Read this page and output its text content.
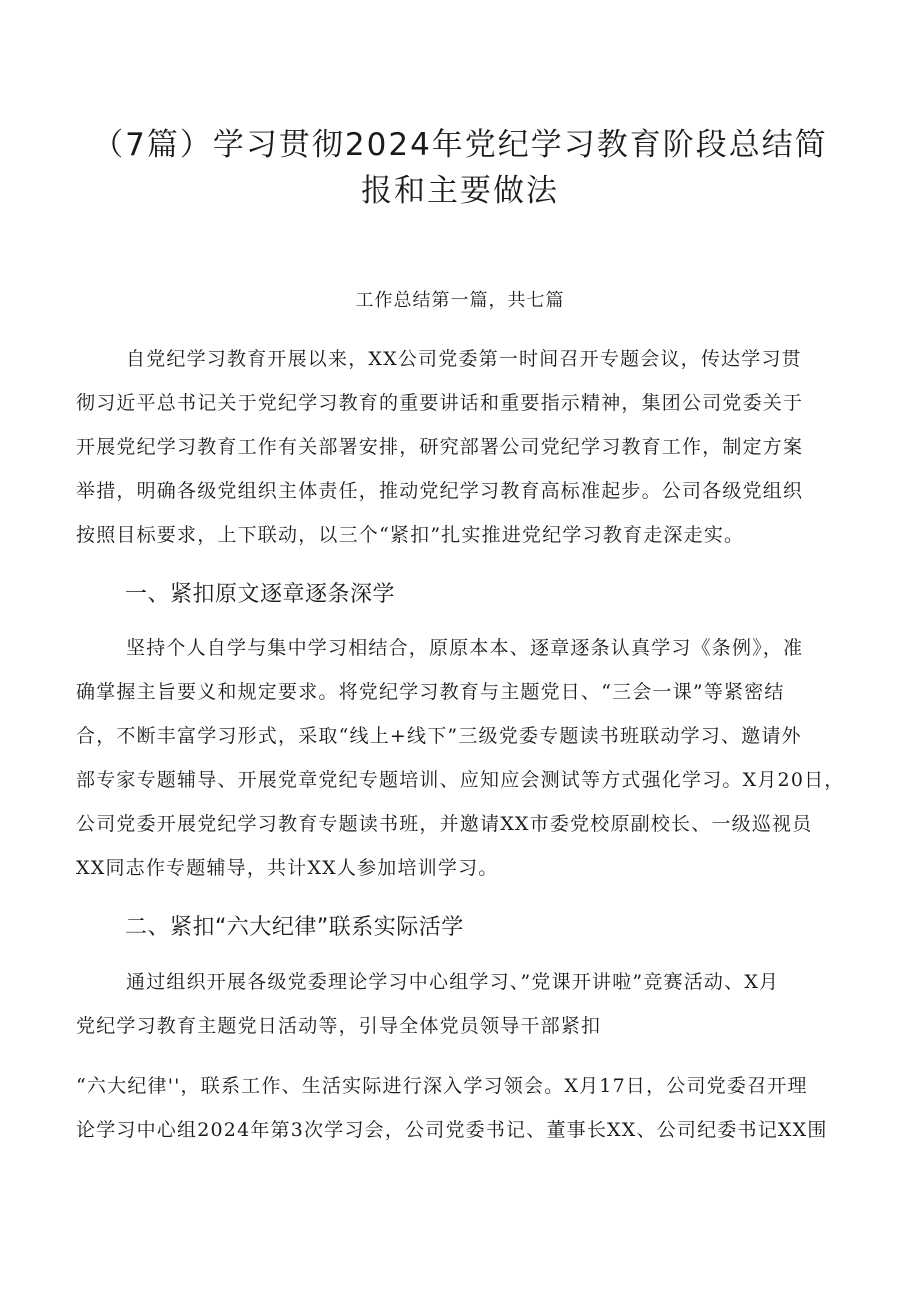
（7篇）学习贯彻2024年党纪学习教育阶段总结简
报和主要做法

工作总结第一篇，共七篇

自党纪学习教育开展以来，XX公司党委第一时间召开专题会议，传达学习贯
彻习近平总书记关于党纪学习教育的重要讲话和重要指示精神，集团公司党委关于
开展党纪学习教育工作有关部署安排，研究部署公司党纪学习教育工作，制定方案
举措，明确各级党组织主体责任，推动党纪学习教育高标准起步。公司各级党组织
按照目标要求，上下联动，以三个“紧扣”扎实推进党纪学习教育走深走实。

一、紧扣原文逐章逐条深学

坚持个人自学与集中学习相结合，原原本本、逐章逐条认真学习《条例》，准
确掌握主旨要义和规定要求。将党纪学习教育与主题党日、“三会一课”等紧密结
合，不断丰富学习形式，采取“线上+线下”三级党委专题读书班联动学习、邀请外
部专家专题辅导、开展党章党纪专题培训、应知应会测试等方式强化学习。X月20日，
公司党委开展党纪学习教育专题读书班，并邀请XX市委党校原副校长、一级巡视员
XX同志作专题辅导，共计XX人参加培训学习。

二、紧扣“六大纪律”联系实际活学

通过组织开展各级党委理论学习中心组学习、”党课开讲啦”竞赛活动、X月
党纪学习教育主题党日活动等，引导全体党员领导干部紧扣

“六大纪律''，联系工作、生活实际进行深入学习领会。X月17日，公司党委召开理
论学习中心组2024年第3次学习会，公司党委书记、董事长XX、公司纪委书记XX围
